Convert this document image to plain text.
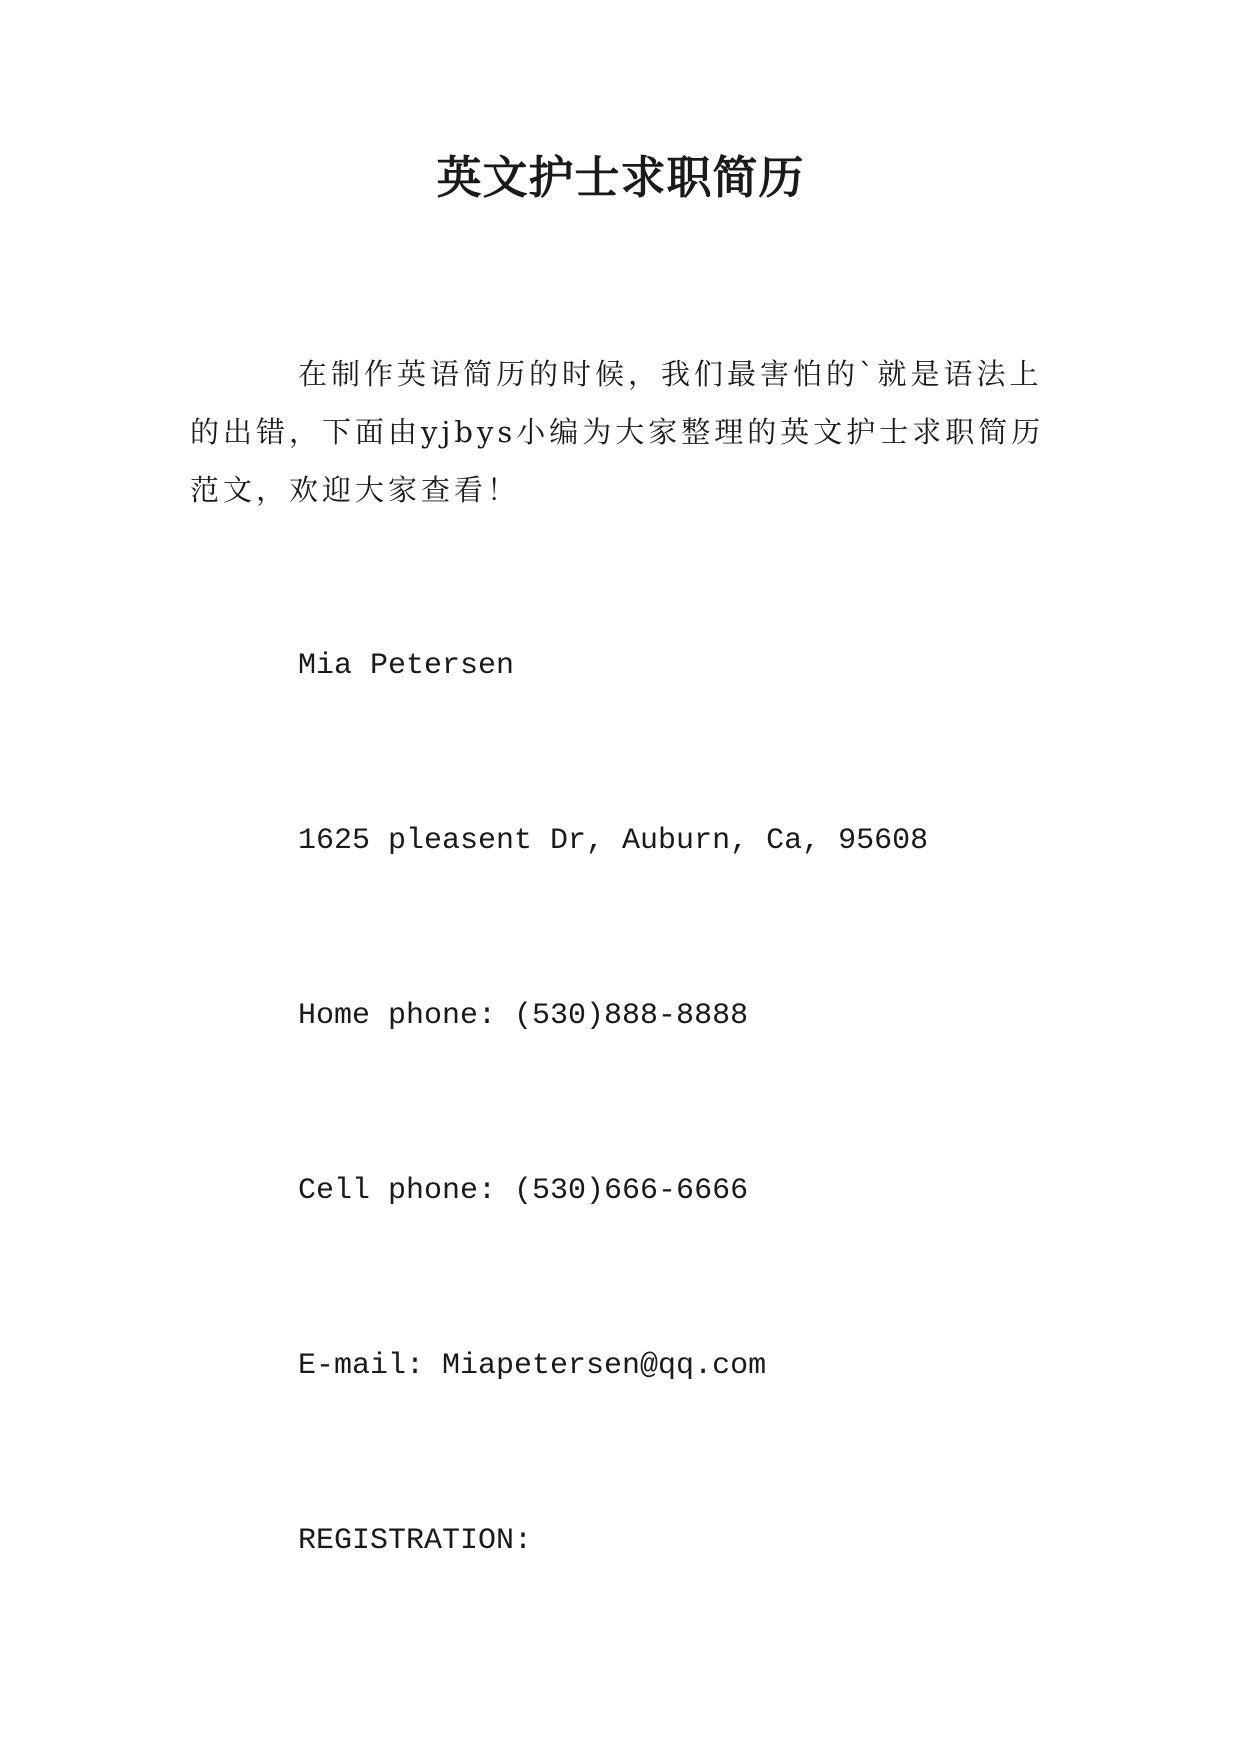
英文护士求职简历

在制作英语简历的时候，我们最害怕的`就是语法上的出错，下面由yjbys小编为大家整理的英文护士求职简历范文，欢迎大家查看！

Mia Petersen

1625 pleasent Dr, Auburn, Ca, 95608

Home phone: (530)888-8888

Cell phone: (530)666-6666

E-mail: Miapetersen@qq.com

REGISTRATION:
